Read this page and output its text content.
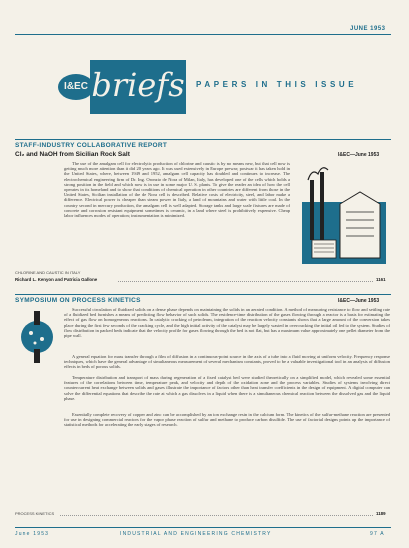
JUNE 1953
I&EC briefs PAPERS IN THIS ISSUE
STAFF-INDUSTRY COLLABORATIVE REPORT
Cl₂ and NaOH from Sicilian Rock Salt	I&EC—June 1953

The use of the amalgam cell for electrolytic production of chlorine and caustic is by no means new, but that cell now is getting much more attention than it did 20 years ago. It was used extensively in Europe prewar; postwar it has taken hold in the United States, where, between 1949 and 1952, amalgam cell capacity has doubled and continues to increase. The electrochemical engineering firm of Dr. Ing. Oronzio de Nora of Milan, Italy, has developed one of the cells which holds a strong position in the field and which now is in use in some major U. S. plants. To give the reader an idea of how the cell operates in its homeland and to show that conditions of chemical operation in other countries are different from those in the United States, Sicilian installation of the de Nora cell is described. Relative costs of electricity, steel, and labor make a difference. Electrical power is cheaper than steam power in Italy, a land of mountains and water with little coal. In the country second in mercury production, the amalgam cell is well adapted. Storage tanks and large scale fixtures are made of concrete and corrosion resistant equipment sometimes is ceramic, in a land where steel is prohibitively expensive. Cheap labor influences modes of operation; instrumentation is minimized.

CHLORINE AND CAUSTIC IN ITALY
Richard L. Kenyon and Patricia Gallone	1161
SYMPOSIUM ON PROCESS KINETICS	I&EC—June 1953

Successful circulation of fluidized solids on a dense phase depends on maintaining the solids in an aerated condition. A method of measuring resistance to flow and settling rate of a fluidized bed furnishes a means of predicting flow behavior of such solids. The residence-time distribution of the gases flowing through a reactor is a basis for estimating the effect of gas flow on homogeneous reactions. In catalytic cracking of petroleum, integration of the reaction velocity constants shows that a large amount of the conversion takes place during the first few seconds of the cracking cycle, and the high initial activity of the catalyst may be largely wasted in overcracking the initial oil fed to the system. Studies of flow distribution in packed beds indicate that the velocity profile for gases flowing through the bed is not flat, but has a maximum value approximately one pellet diameter from the pipe wall.

A general equation for mass transfer through a film of diffusion in a continuous-point source in the axis of a tube into a fluid moving at uniform velocity. Frequency response techniques, which have the general advantage of simultaneous measurement of several mechanism constants, proved to be a valuable investigational tool in an analysis of diffusion effects in beds of porous solids.

Temperature distribution and transport of mass during regeneration of a fixed catalyst bed were studied theoretically on a simplified model, which revealed some essential features of the correlations between time, temperature peak, and velocity and depth of the oxidation zone and the process variables. Studies of systems involving direct countercurrent heat exchange between solids and gases illustrate the importance of factors other than heat transfer coefficients in the design of equipment. A digital computer can solve the differential equations that describe the rate at which a gas dissolves in a liquid when there is a simultaneous chemical reaction between the dissolved gas and the liquid phase.

Essentially complete recovery of copper and zinc can be accomplished by an ion exchange resin in the calcium form. The kinetics of the sulfur-methane reaction are presented for use in designing commercial reactors for the vapor phase reaction of sulfur and methane to produce carbon disulfide. The use of factorial designs points up the importance of statistical methods for accelerating the early stages of research.

PROCESS KINETICS	1189
June 1953	INDUSTRIAL AND ENGINEERING CHEMISTRY	97 A
